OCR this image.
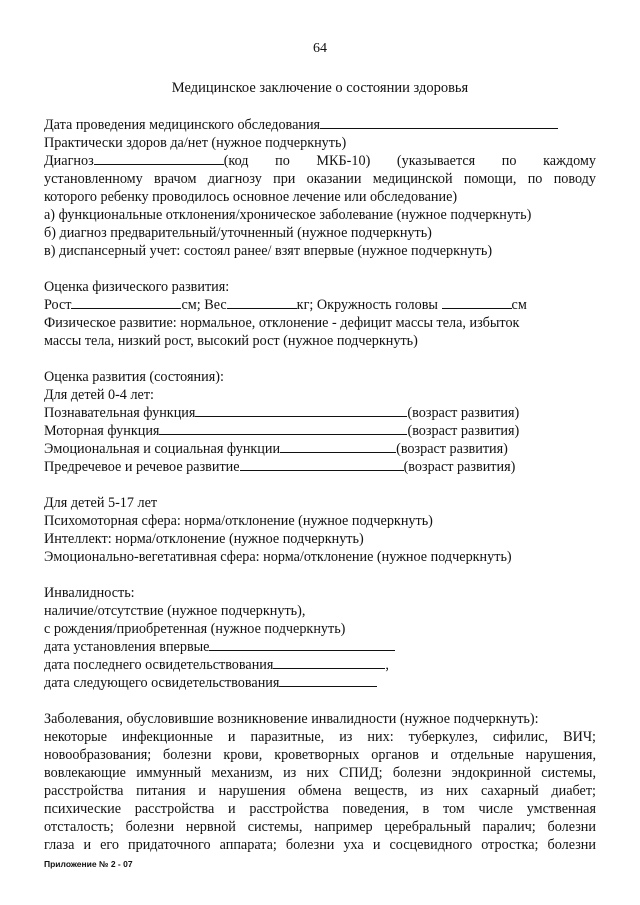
64
Медицинское заключение о состоянии здоровья
Дата проведения медицинского обследования
Практически здоров да/нет (нужное подчеркнуть)
Диагноз	(код по МКБ-10) (указывается по каждому
установленному врачом диагнозу при оказании медицинской помощи, по поводу
которого ребенку проводилось основное лечение или обследование)
а) функциональные отклонения/хроническое заболевание (нужное подчеркнуть)
б) диагноз предварительный/уточненный (нужное подчеркнуть)
в) диспансерный учет: состоял ранее/ взят впервые (нужное подчеркнуть)
Оценка физического развития:
Рост	см; Вес	кг; Окружность головы	см
Физическое развитие: нормальное, отклонение - дефицит массы тела, избыток
массы тела, низкий рост, высокий рост (нужное подчеркнуть)
Оценка развития (состояния):
Для детей 0-4 лет:
Познавательная функция	(возраст развития)
Моторная функция	(возраст развития)
Эмоциональная и социальная функции	(возраст развития)
Предречевое и речевое развитие	(возраст развития)
Для детей 5-17 лет
Психомоторная сфера: норма/отклонение (нужное подчеркнуть)
Интеллект: норма/отклонение (нужное подчеркнуть)
Эмоционально-вегетативная сфера: норма/отклонение (нужное подчеркнуть)
Инвалидность:
наличие/отсутствие (нужное подчеркнуть),
с рождения/приобретенная (нужное подчеркнуть)
дата установления впервые
дата последнего освидетельствования	,
дата следующего освидетельствования
Заболевания, обусловившие возникновение инвалидности (нужное подчеркнуть):
некоторые инфекционные и паразитные, из них: туберкулез, сифилис, ВИЧ;
новообразования; болезни крови, кроветворных органов и отдельные нарушения,
вовлекающие иммунный механизм, из них СПИД; болезни эндокринной системы,
расстройства питания и нарушения обмена веществ, из них сахарный диабет;
психические расстройства и расстройства поведения, в том числе умственная
отсталость; болезни нервной системы, например церебральный паралич; болезни
глаза и его придаточного аппарата; болезни уха и сосцевидного отростка; болезни
Приложение № 2 - 07
